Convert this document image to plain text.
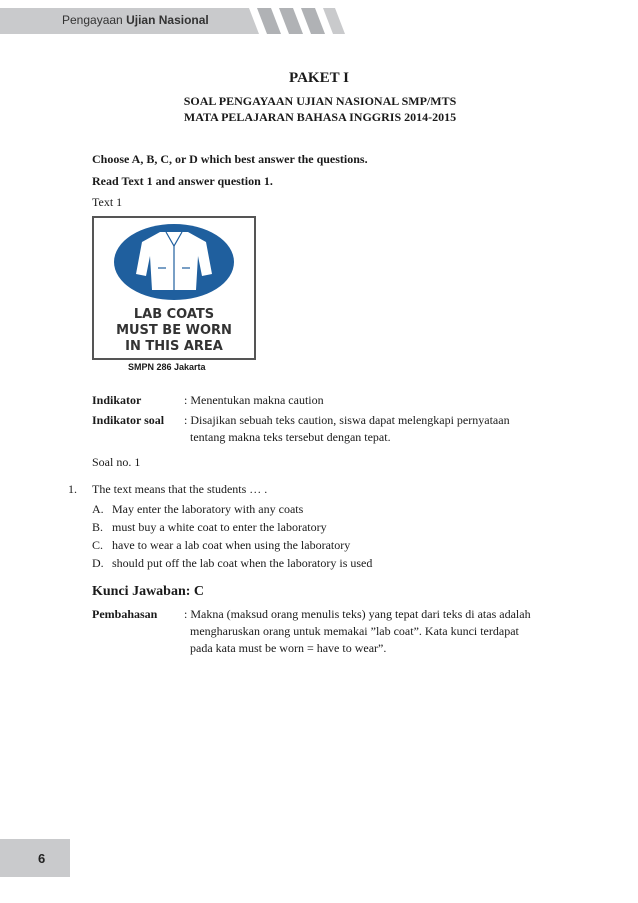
Pengayaan Ujian Nasional
PAKET I
SOAL PENGAYAAN UJIAN NASIONAL SMP/MTS
MATA PELAJARAN BAHASA INGGRIS 2014-2015
Choose A, B, C, or D which best answer the questions.
Read Text 1 and answer question 1.
Text 1
LAB COATS
MUST BE WORN
IN THIS AREA
SMPN 286 Jakarta
Indikator	: Menentukan makna caution
Indikator soal : Disajikan sebuah teks caution, siswa dapat melengkapi pernyataan
tentang makna teks tersebut dengan tepat.
Soal no. 1
1. The text means that the students … .
A. May enter the laboratory with any coats
B. must buy a white coat to enter the laboratory
C. have to wear a lab coat when using the laboratory
D. should put off the lab coat when the laboratory is used
Kunci Jawaban: C
Pembahasan : Makna (maksud orang menulis teks) yang tepat dari teks di atas adalah
mengharuskan orang untuk memakai ”lab coat”. Kata kunci terdapat
pada kata must be worn = have to wear”.
6
